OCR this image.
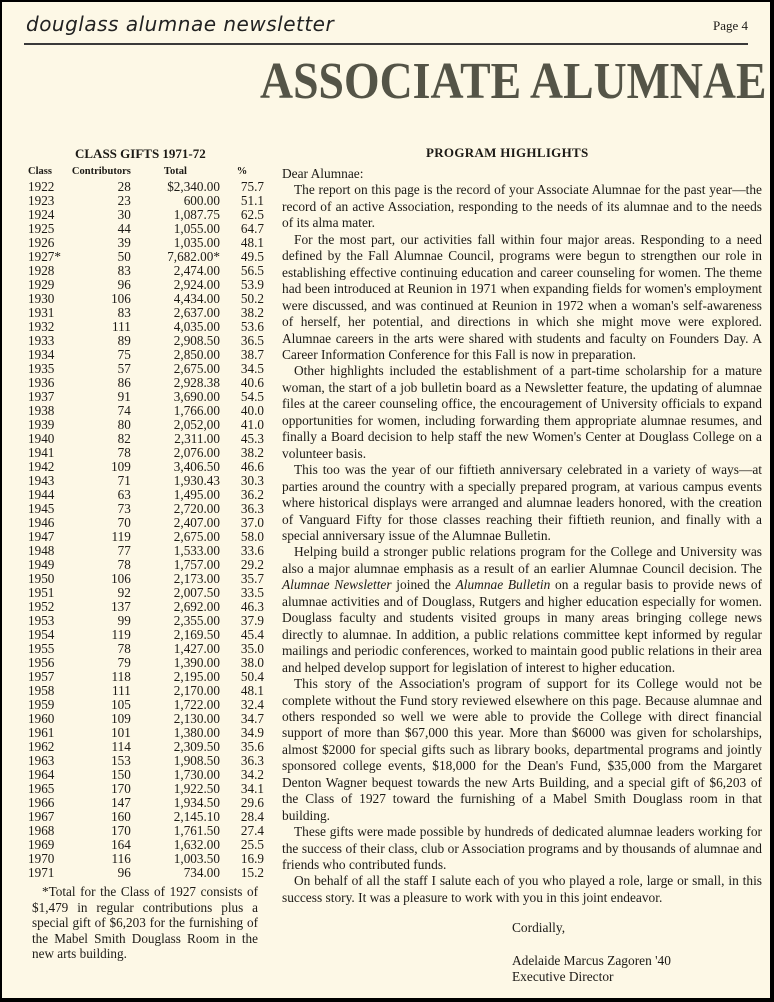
douglass alumnae newsletter	Page 4
ASSOCIATE ALUMNAE
CLASS GIFTS 1971-72
Class	Contributors	Total	%
1922	28	$2,340.00	75.7
1923	23	600.00	51.1
1924	30	1,087.75	62.5
1925	44	1,055.00	64.7
1926	39	1,035.00	48.1
1927*	50	7,682.00*	49.5
1928	83	2,474.00	56.5
1929	96	2,924.00	53.9
1930	106	4,434.00	50.2
1931	83	2,637.00	38.2
1932	111	4,035.00	53.6
1933	89	2,908.50	36.5
1934	75	2,850.00	38.7
1935	57	2,675.00	34.5
1936	86	2,928.38	40.6
1937	91	3,690.00	54.5
1938	74	1,766.00	40.0
1939	80	2,052,00	41.0
1940	82	2,311.00	45.3
1941	78	2,076.00	38.2
1942	109	3,406.50	46.6
1943	71	1,930.43	30.3
1944	63	1,495.00	36.2
1945	73	2,720.00	36.3
1946	70	2,407.00	37.0
1947	119	2,675.00	58.0
1948	77	1,533.00	33.6
1949	78	1,757.00	29.2
1950	106	2,173.00	35.7
1951	92	2,007.50	33.5
1952	137	2,692.00	46.3
1953	99	2,355.00	37.9
1954	119	2,169.50	45.4
1955	78	1,427.00	35.0
1956	79	1,390.00	38.0
1957	118	2,195.00	50.4
1958	111	2,170.00	48.1
1959	105	1,722.00	32.4
1960	109	2,130.00	34.7
1961	101	1,380.00	34.9
1962	114	2,309.50	35.6
1963	153	1,908.50	36.3
1964	150	1,730.00	34.2
1965	170	1,922.50	34.1
1966	147	1,934.50	29.6
1967	160	2,145.10	28.4
1968	170	1,761.50	27.4
1969	164	1,632.00	25.5
1970	116	1,003.50	16.9
1971	96	734.00	15.2
*Total for the Class of 1927 consists of $1,479 in regular contributions plus a special gift of $6,203 for the furnishing of the Mabel Smith Douglass Room in the new arts building.
PROGRAM HIGHLIGHTS

Dear Alumnae:

The report on this page is the record of your Associate Alumnae for the past year—the record of an active Association, responding to the needs of its alumnae and to the needs of its alma mater.

For the most part, our activities fall within four major areas. Responding to a need defined by the Fall Alumnae Council, programs were begun to strengthen our role in establishing effective continuing education and career counseling for women. The theme had been introduced at Reunion in 1971 when expanding fields for women's employment were discussed, and was continued at Reunion in 1972 when a woman's self-awareness of herself, her potential, and directions in which she might move were explored. Alumnae careers in the arts were shared with students and faculty on Founders Day. A Career Information Conference for this Fall is now in preparation.

Other highlights included the establishment of a part-time scholarship for a mature woman, the start of a job bulletin board as a Newsletter feature, the updating of alumnae files at the career counseling office, the encouragement of University officials to expand opportunities for women, including forwarding them appropriate alumnae resumes, and finally a Board decision to help staff the new Women's Center at Douglass College on a volunteer basis.

This too was the year of our fiftieth anniversary celebrated in a variety of ways—at parties around the country with a specially prepared program, at various campus events where historical displays were arranged and alumnae leaders honored, with the creation of Vanguard Fifty for those classes reaching their fiftieth reunion, and finally with a special anniversary issue of the Alumnae Bulletin.

Helping build a stronger public relations program for the College and University was also a major alumnae emphasis as a result of an earlier Alumnae Council decision. The Alumnae Newsletter joined the Alumnae Bulletin on a regular basis to provide news of alumnae activities and of Douglass, Rutgers and higher education especially for women. Douglass faculty and students visited groups in many areas bringing college news directly to alumnae. In addition, a public relations committee kept informed by regular mailings and periodic conferences, worked to maintain good public relations in their area and helped develop support for legislation of interest to higher education.

This story of the Association's program of support for its College would not be complete without the Fund story reviewed elsewhere on this page. Because alumnae and others responded so well we were able to provide the College with direct financial support of more than $67,000 this year. More than $6000 was given for scholarships, almost $2000 for special gifts such as library books, departmental programs and jointly sponsored college events, $18,000 for the Dean's Fund, $35,000 from the Margaret Denton Wagner bequest towards the new Arts Building, and a special gift of $6,203 of the Class of 1927 toward the furnishing of a Mabel Smith Douglass room in that building.

These gifts were made possible by hundreds of dedicated alumnae leaders working for the success of their class, club or Association programs and by thousands of alumnae and friends who contributed funds.

On behalf of all the staff I salute each of you who played a role, large or small, in this success story. It was a pleasure to work with you in this joint endeavor.

Cordially,
Adelaide Marcus Zagoren '40
Executive Director
